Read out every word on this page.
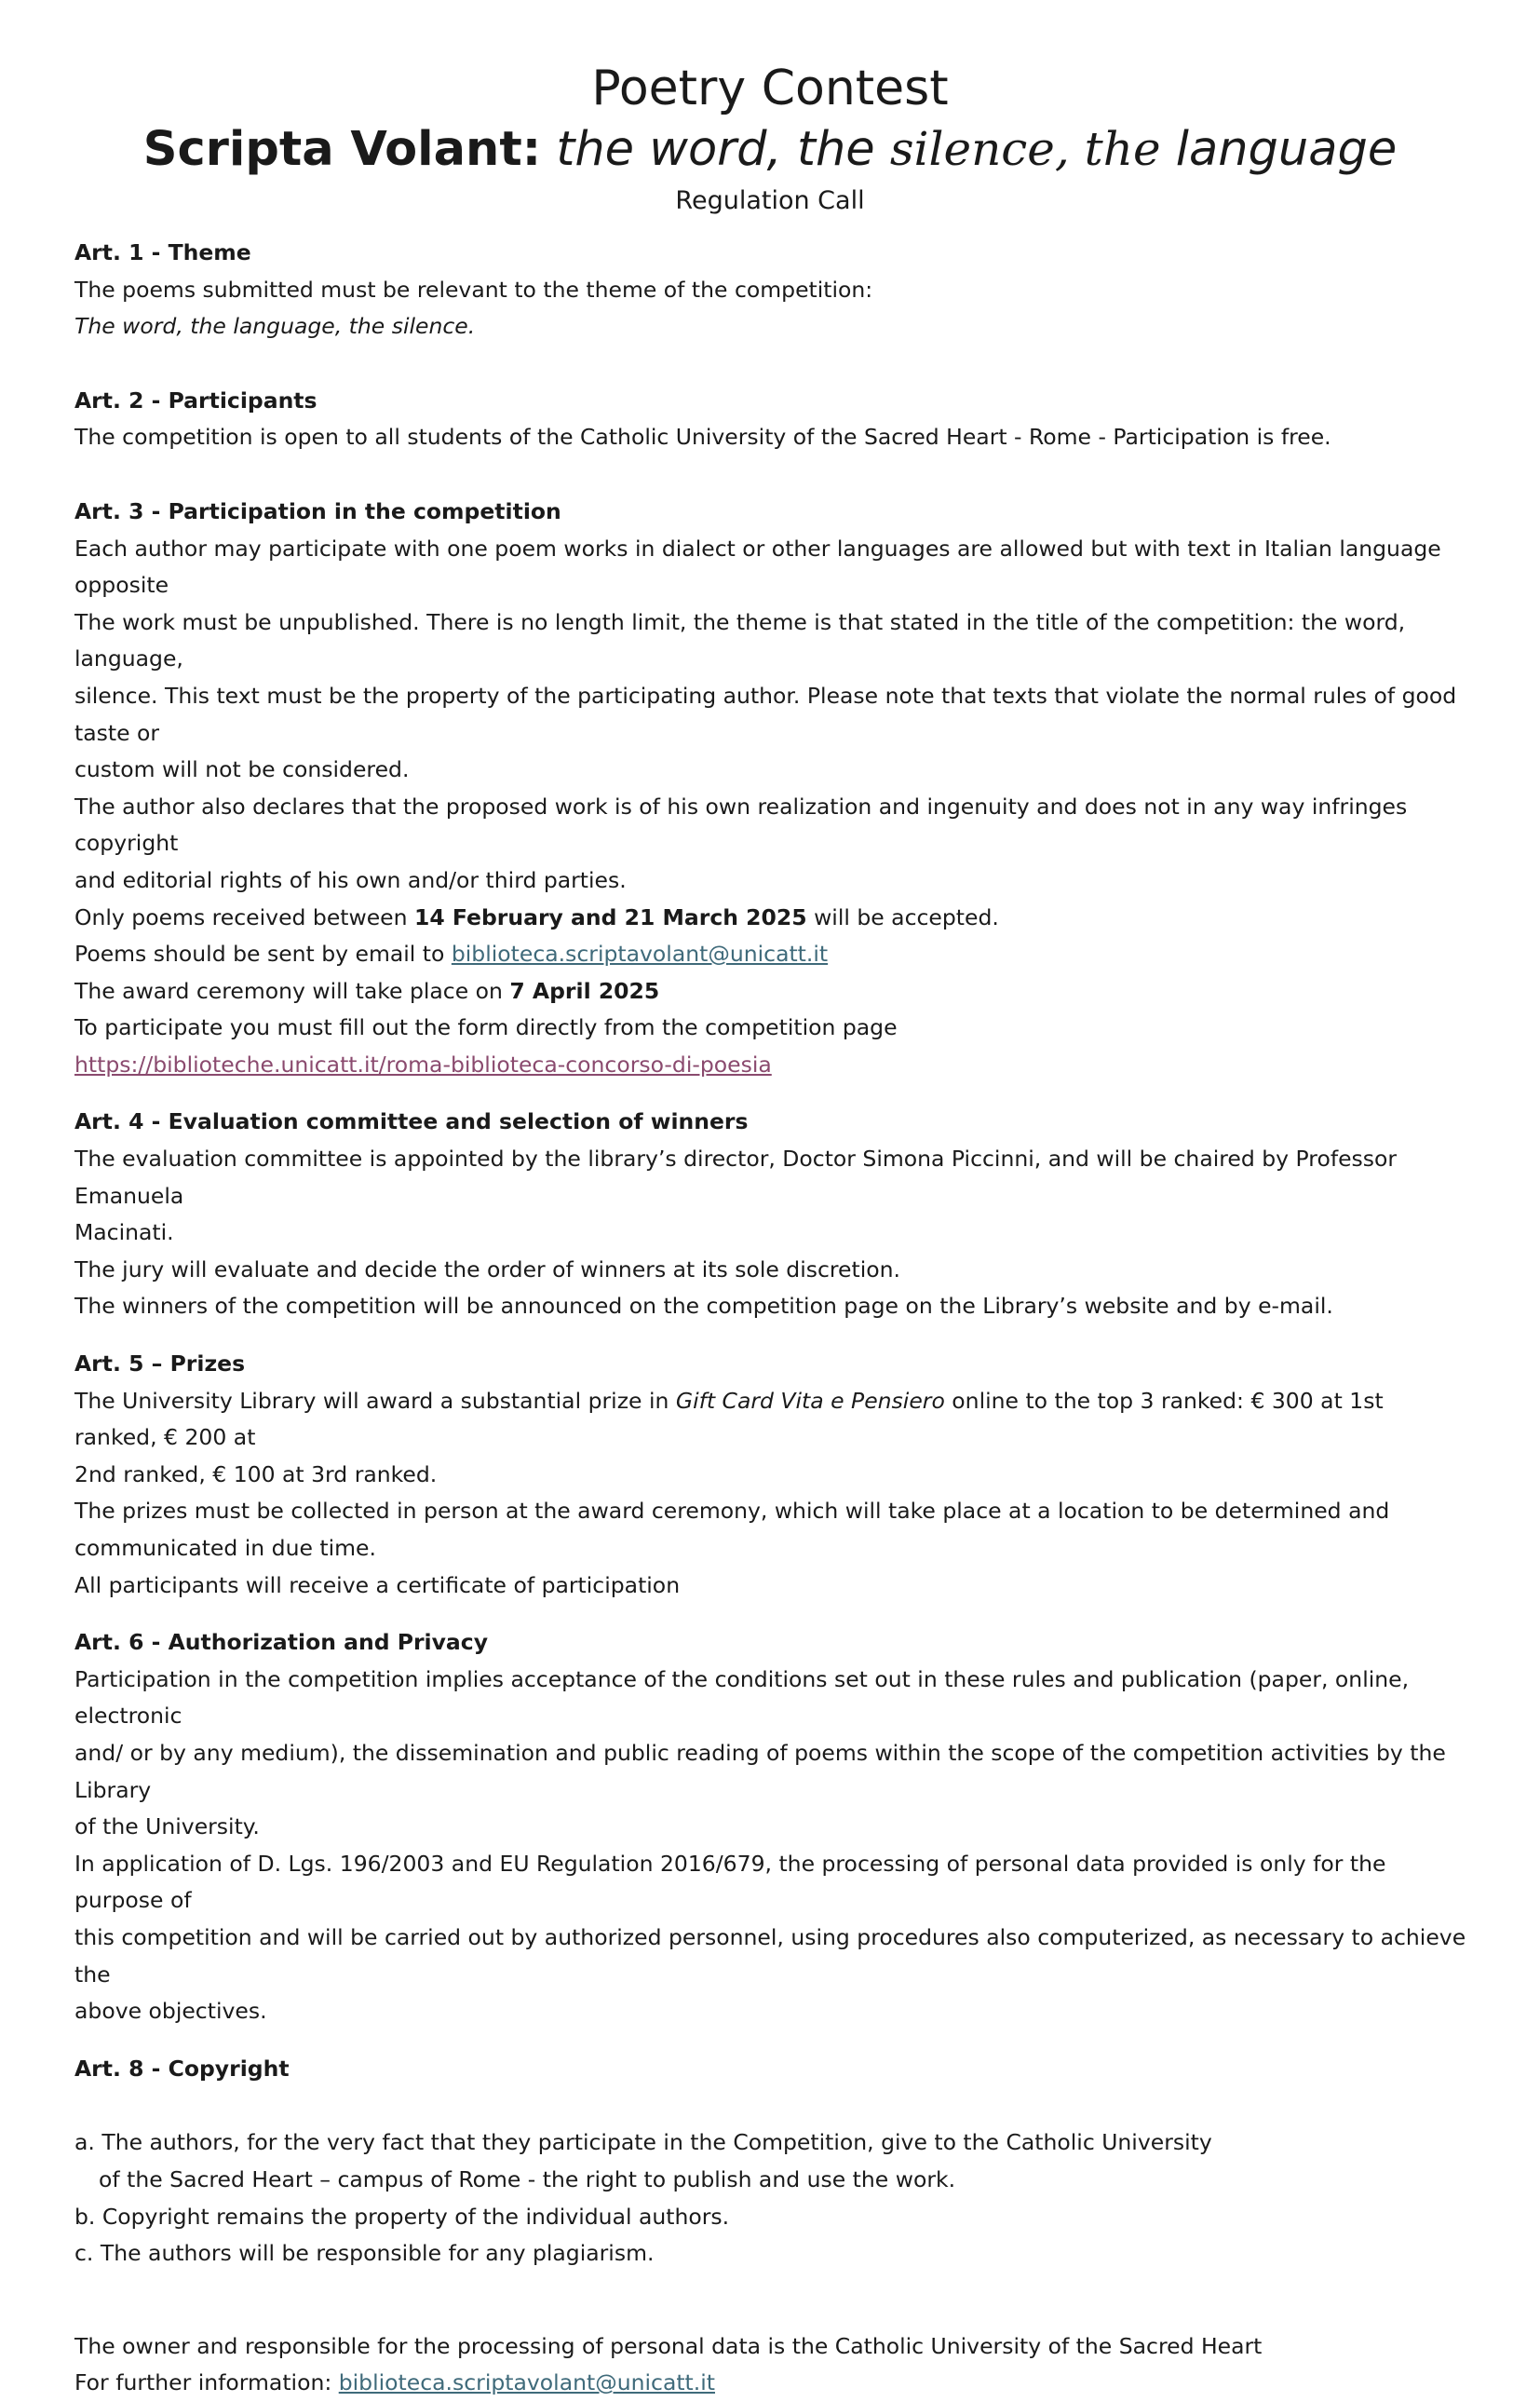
Poetry Contest
Scripta Volant: the word, the silence, the language
Regulation Call

Art. 1 - Theme

The poems submitted must be relevant to the theme of the competition:

The word, the language, the silence.

Art. 2 - Participants

The competition is open to all students of the Catholic University of the Sacred Heart - Rome - Participation is free.

Art. 3 - Participation in the competition

Each author may participate with one poem works in dialect or other languages are allowed but with text in Italian language opposite

The work must be unpublished. There is no length limit, the theme is that stated in the title of the competition: the word, language,

silence. This text must be the property of the participating author. Please note that texts that violate the normal rules of good taste or

custom will not be considered.

The author also declares that the proposed work is of his own realization and ingenuity and does not in any way infringes copyright

and editorial rights of his own and/or third parties.

Only poems received between 14 February and 21 March 2025 will be accepted.

Poems should be sent by email to biblioteca.scriptavolant@unicatt.it

The award ceremony will take place on 7 April 2025

To participate you must fill out the form directly from the competition page

https://biblioteche.unicatt.it/roma-biblioteca-concorso-di-poesia

Art. 4 - Evaluation committee and selection of winners

The evaluation committee is appointed by the library’s director, Doctor Simona Piccinni, and will be chaired by Professor Emanuela

Macinati.

The jury will evaluate and decide the order of winners at its sole discretion.

The winners of the competition will be announced on the competition page on the Library’s website and by e-mail.

Art. 5 – Prizes

The University Library will award a substantial prize in Gift Card Vita e Pensiero online to the top 3 ranked: € 300 at 1st ranked, € 200 at

2nd ranked, € 100 at 3rd ranked.

The prizes must be collected in person at the award ceremony, which will take place at a location to be determined and

communicated in due time.

All participants will receive a certificate of participation

Art. 6 - Authorization and Privacy

Participation in the competition implies acceptance of the conditions set out in these rules and publication (paper, online, electronic

and/ or by any medium), the dissemination and public reading of poems within the scope of the competition activities by the Library

of the University.

In application of D. Lgs. 196/2003 and EU Regulation 2016/679, the processing of personal data provided is only for the purpose of

this competition and will be carried out by authorized personnel, using procedures also computerized, as necessary to achieve the

above objectives.

Art. 8 - Copyright

a. The authors, for the very fact that they participate in the Competition, give to the Catholic University

of the Sacred Heart – campus of Rome - the right to publish and use the work.

b. Copyright remains the property of the individual authors.

c. The authors will be responsible for any plagiarism.

The owner and responsible for the processing of personal data is the Catholic University of the Sacred Heart

For further information: biblioteca.scriptavolant@unicatt.it
